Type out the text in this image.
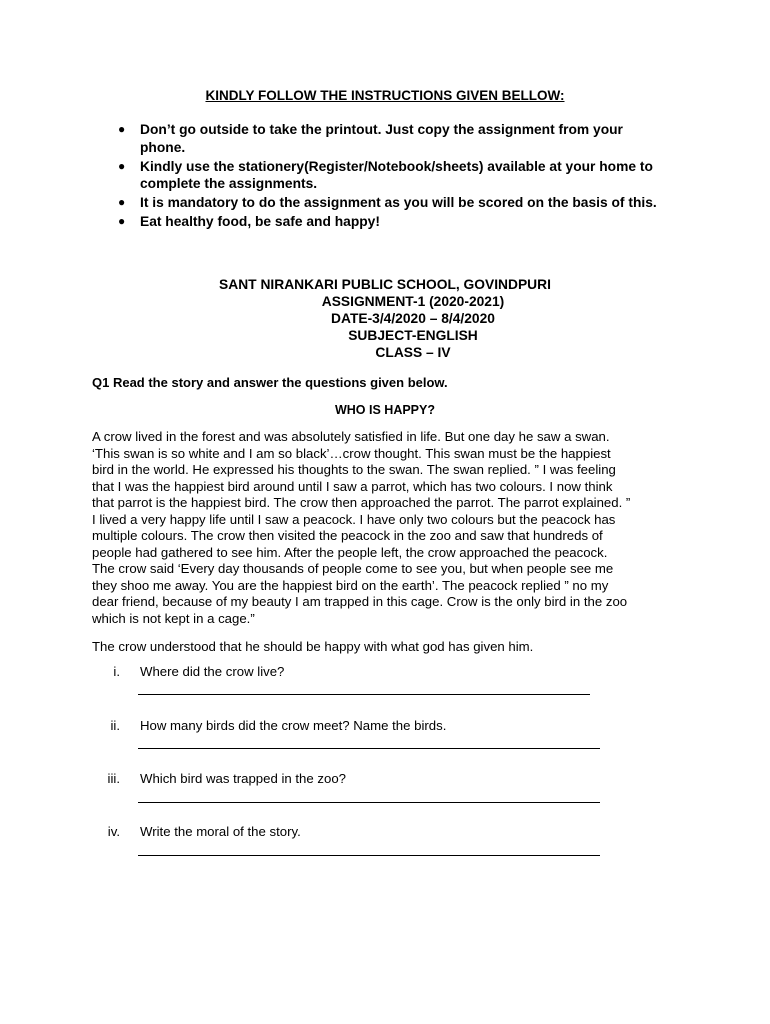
KINDLY FOLLOW THE INSTRUCTIONS GIVEN BELLOW:
● Don’t go outside to take the printout. Just copy the assignment from your phone.
● Kindly use the stationery(Register/Notebook/sheets) available at your home to complete the assignments.
● It is mandatory to do the assignment as you will be scored on the basis of this.
● Eat healthy food, be safe and happy!
SANT NIRANKARI PUBLIC SCHOOL, GOVINDPURI
ASSIGNMENT-1 (2020-2021)
DATE-3/4/2020 – 8/4/2020
SUBJECT-ENGLISH
CLASS – IV
Q1 Read the story and answer the questions given below.
WHO IS HAPPY?
A crow lived in the forest and was absolutely satisfied in life. But one day he saw a swan.
‘This swan is so white and I am so black’…crow thought. This swan must be the happiest
bird in the world. He expressed his thoughts to the swan. The swan replied. ” I was feeling
that I was the happiest bird around until I saw a parrot, which has two colours. I now think
that parrot is the happiest bird. The crow then approached the parrot. The parrot explained. ”
I lived a very happy life until I saw a peacock. I have only two colours but the peacock has
multiple colours. The crow then visited the peacock in the zoo and saw that hundreds of
people had gathered to see him. After the people left, the crow approached the peacock.
The crow said ‘Every day thousands of people come to see you, but when people see me
they shoo me away. You are the happiest bird on the earth’. The peacock replied ” no my
dear friend, because of my beauty I am trapped in this cage. Crow is the only bird in the zoo
which is not kept in a cage.”
The crow understood that he should be happy with what god has given him.
i. Where did the crow live?
ii. How many birds did the crow meet? Name the birds.
iii. Which bird was trapped in the zoo?
iv. Write the moral of the story.
